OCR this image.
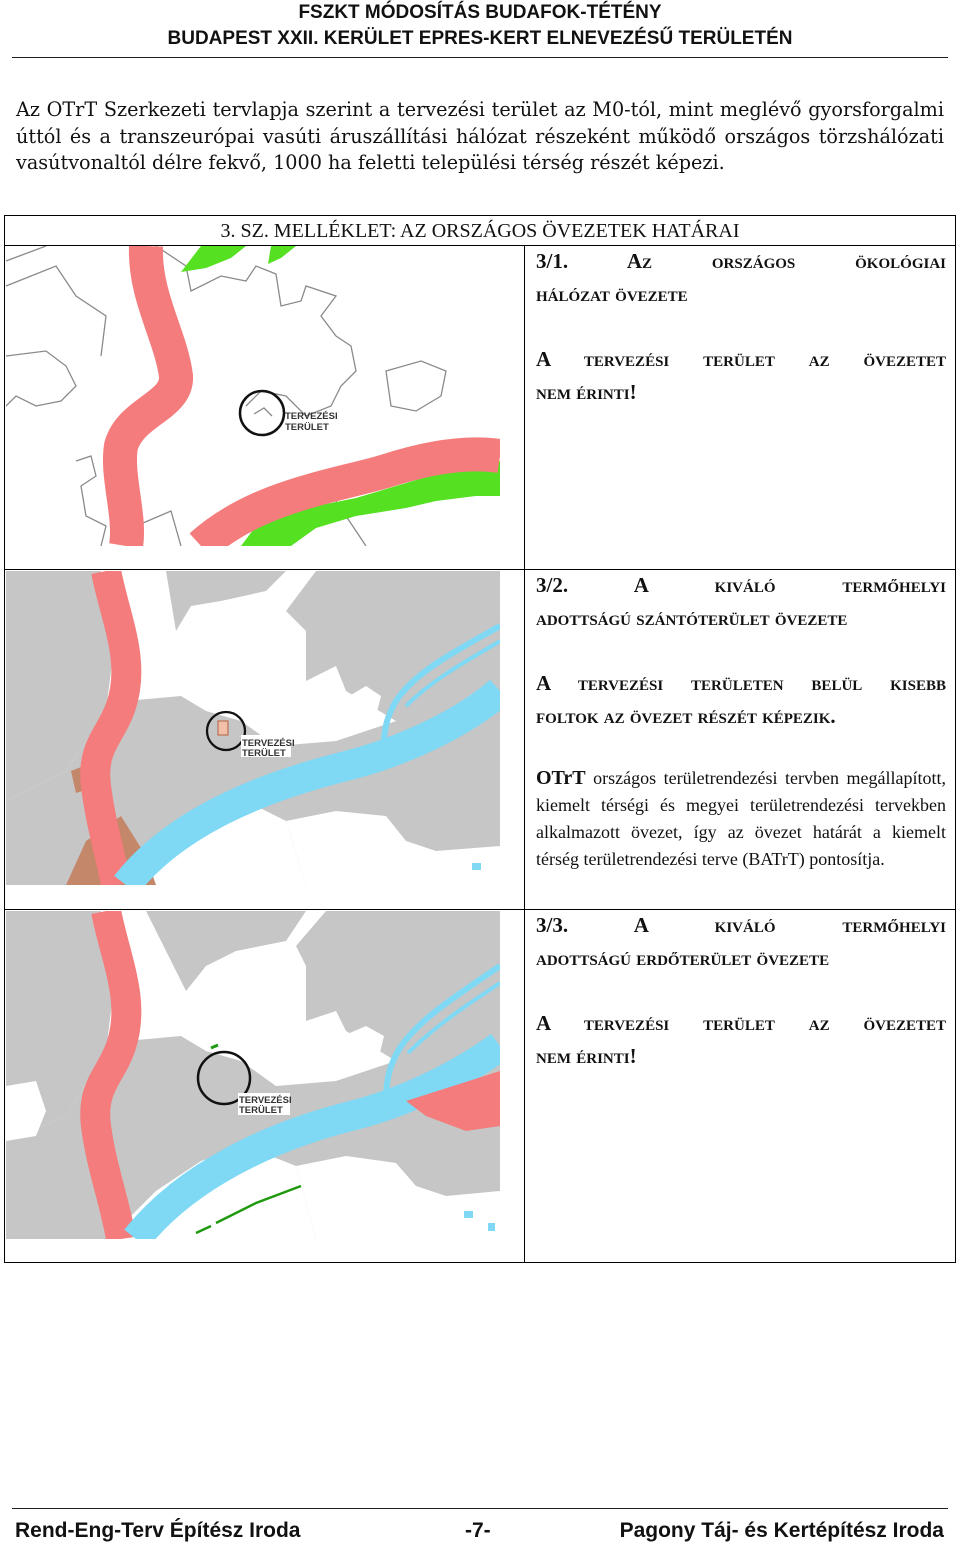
FSZKT MÓDOSÍTÁS BUDAFOK-TÉTÉNY
BUDAPEST XXII. KERÜLET EPRES-KERT ELNEVEZÉSŰ TERÜLETÉN

Az OTrT Szerkezeti tervlapja szerint a tervezési terület az M0-tól, mint meglévő gyorsforgalmi úttól és a transzeurópai vasúti áruszállítási hálózat részeként működő országos törzshálózati vasútvonaltól délre fekvő, 1000 ha feletti települési térség részét képezi.

3. SZ. MELLÉKLET: AZ ORSZÁGOS ÖVEZETEK HATÁRAI
TERVEZÉSI
TERÜLET
TERVEZÉSI
TERÜLET
TERVEZÉSI
TERÜLET
3/1. Az országos ökológiai
hálózat övezete
A tervezési terület az övezetet
nem érinti!
3/2. A kiváló termőhelyi
adottságú szántóterület övezete
A tervezési területen belül kisebb
foltok az övezet részét képezik.
OTrT országos területrendezési tervben megállapított, kiemelt térségi és megyei területrendezési tervekben alkalmazott övezet, így az övezet határát a kiemelt térség területrendezési terve (BATrT) pontosítja.
3/3. A kiváló termőhelyi
adottságú erdőterület övezete
A tervezési terület az övezetet
nem érinti!
Rend-Eng-Terv Építész Iroda	-7-	Pagony Táj- és Kertépítész Iroda
